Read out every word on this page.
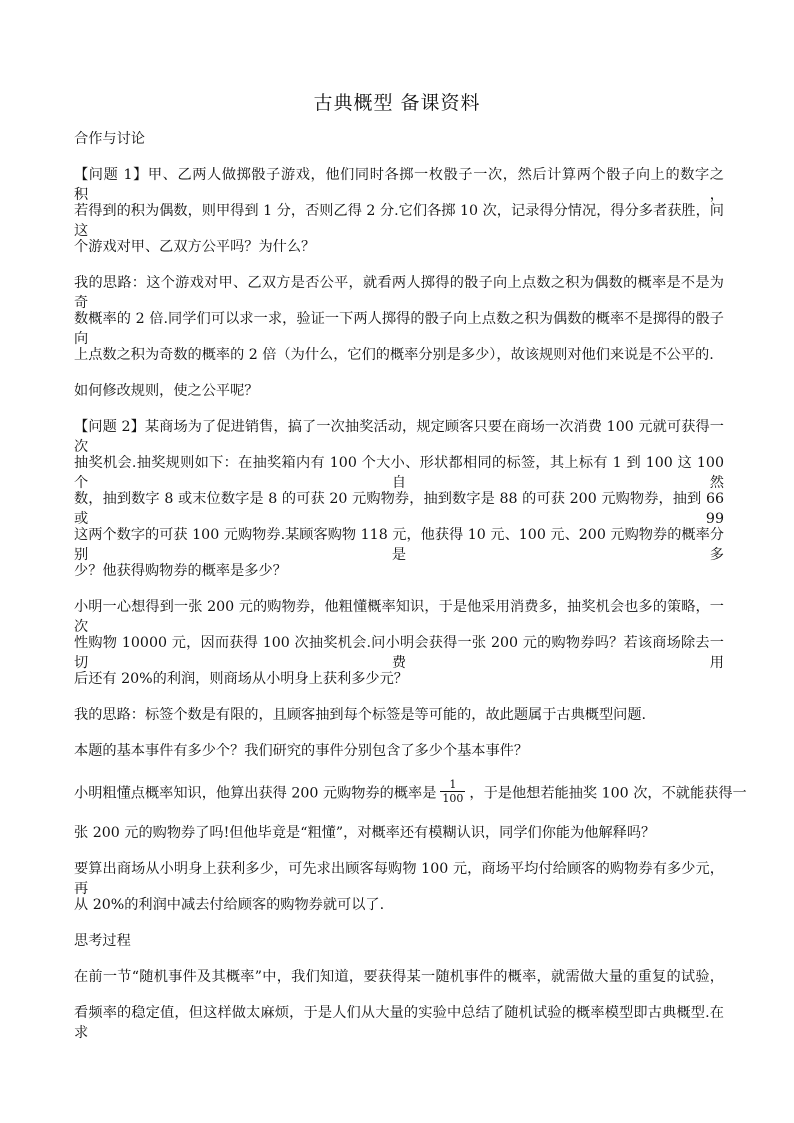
古典概型 备课资料
合作与讨论
【问题 1】甲、乙两人做掷骰子游戏，他们同时各掷一枚骰子一次，然后计算两个骰子向上的数字之积，
若得到的积为偶数，则甲得到 1 分，否则乙得 2 分.它们各掷 10 次，记录得分情况，得分多者获胜，问这
个游戏对甲、乙双方公平吗？为什么？
我的思路：这个游戏对甲、乙双方是否公平，就看两人掷得的骰子向上点数之积为偶数的概率是不是为奇
数概率的 2 倍.同学们可以求一求，验证一下两人掷得的骰子向上点数之积为偶数的概率不是掷得的骰子向
上点数之积为奇数的概率的 2 倍（为什么，它们的概率分别是多少），故该规则对他们来说是不公平的.
如何修改规则，使之公平呢？
【问题 2】某商场为了促进销售，搞了一次抽奖活动，规定顾客只要在商场一次消费 100 元就可获得一次
抽奖机会.抽奖规则如下：在抽奖箱内有 100 个大小、形状都相同的标签，其上标有 1 到 100 这 100 个自然
数，抽到数字 8 或末位数字是 8 的可获 20 元购物券，抽到数字是 88 的可获 200 元购物券，抽到 66 或 99
这两个数字的可获 100 元购物券.某顾客购物 118 元，他获得 10 元、100 元、200 元购物券的概率分别是多
少？他获得购物券的概率是多少？
小明一心想得到一张 200 元的购物券，他粗懂概率知识，于是他采用消费多，抽奖机会也多的策略，一次
性购物 10000 元，因而获得 100 次抽奖机会.问小明会获得一张 200 元的购物券吗？若该商场除去一切费用
后还有 20%的利润，则商场从小明身上获利多少元？
我的思路：标签个数是有限的，且顾客抽到每个标签是等可能的，故此题属于古典概型问题.
本题的基本事件有多少个？我们研究的事件分别包含了多少个基本事件？
小明粗懂点概率知识，他算出获得 200 元购物券的概率是 $\frac{1}{100}$ ，于是他想若能抽奖 100 次，不就能获得一
张 200 元的购物券了吗!但他毕竟是“粗懂”，对概率还有模糊认识，同学们你能为他解释吗？
要算出商场从小明身上获利多少，可先求出顾客每购物 100 元，商场平均付给顾客的购物券有多少元，再
从 20%的利润中减去付给顾客的购物券就可以了.
思考过程
在前一节“随机事件及其概率”中，我们知道，要获得某一随机事件的概率，就需做大量的重复的试验，
看频率的稳定值，但这样做太麻烦，于是人们从大量的实验中总结了随机试验的概率模型即古典概型.在求
